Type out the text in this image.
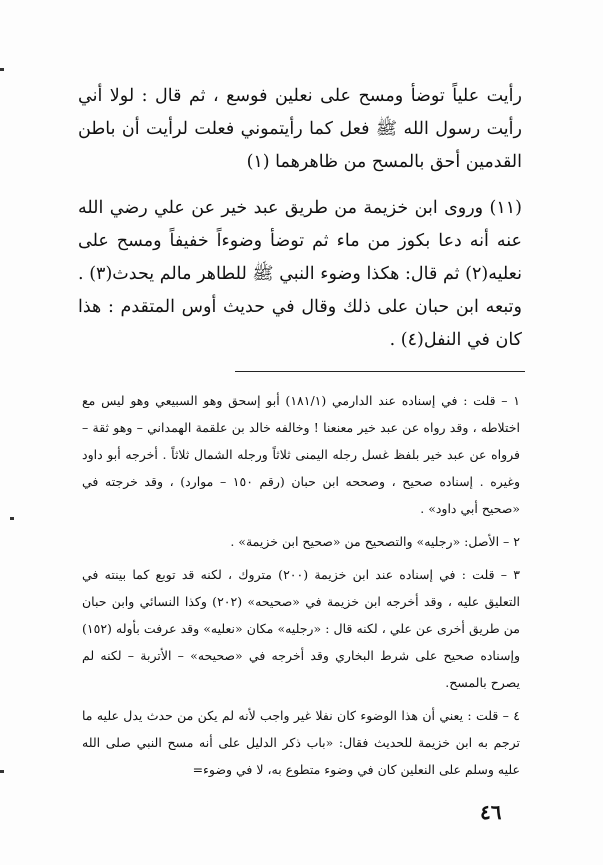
رأيت علياً توضأ ومسح على نعلين فوسع ، ثم قال : لولا أني رأيت رسول الله ﷺ فعل كما رأيتموني فعلت لرأيت أن باطن القدمين أحق بالمسح من ظاهرهما (١)

(١١) وروى ابن خزيمة من طريق عبد خير عن علي رضي الله عنه أنه دعا بكوز من ماء ثم توضأ وضوءاً خفيفاً ومسح على نعليه(٢) ثم قال: هكذا وضوء النبي ﷺ للطاهر مالم يحدث(٣) . وتبعه ابن حبان على ذلك وقال في حديث أوس المتقدم : هذا كان في النفل(٤) .

١ – قلت : في إسناده عند الدارمي (١٨١/١) أبو إسحق وهو السبيعي وهو ليس مع اختلاطه ، وقد رواه عن عبد خير معنعنا ! وخالفه خالد بن علقمة الهمداني – وهو ثقة – فرواه عن عبد خير بلفظ غسل رجله اليمنى ثلاثاً ورجله الشمال ثلاثاً . أخرجه أبو داود وغيره . إسناده صحيح ، وصححه ابن حبان (رقم ١٥٠ – موارد) ، وقد خرجته في «صحيح أبي داود» .

٢ – الأصل: «رجليه» والتصحيح من «صحيح ابن خزيمة» .

٣ – قلت : في إسناده عند ابن خزيمة (٢٠٠) متروك ، لكنه قد توبع كما بينته في التعليق عليه ، وقد أخرجه ابن خزيمة في «صحيحه» (٢٠٢) وكذا النسائي وابن حبان من طريق أخرى عن علي ، لكنه قال : «رجليه» مكان «نعليه» وقد عرفت بأوله (١٥٢) وإسناده صحيح على شرط البخاري وقد أخرجه في «صحيحه» – الأتربة – لكنه لم يصرح بالمسح.

٤ – قلت : يعني أن هذا الوضوء كان نفلا غير واجب لأنه لم يكن من حدث يدل عليه ما ترجم به ابن خزيمة للحديث فقال: «باب ذكر الدليل على أنه مسح النبي صلى الله عليه وسلم على النعلين كان في وضوء متطوع به، لا في وضوء=

٤٦
